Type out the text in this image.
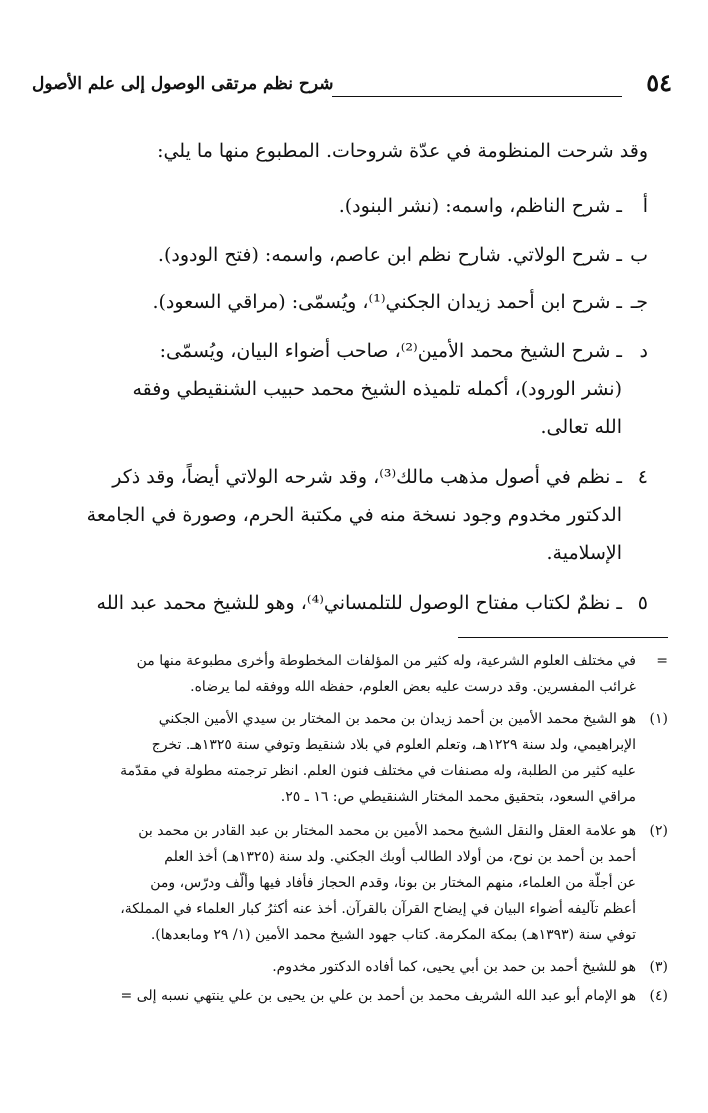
٥٤
شرح نظم مرتقى الوصول إلى علم الأصول
وقد شرحت المنظومة في عدّة شروحات. المطبوع منها ما يلي:
أ
ـ شرح الناظم، واسمه: (نشر البنود).
ب
ـ شرح الولاتي. شارح نظم ابن عاصم، واسمه: (فتح الودود).
جـ
ـ شرح ابن أحمد زيدان الجكني⁽¹⁾، ويُسمّى: (مراقي السعود).
د
ـ شرح الشيخ محمد الأمين⁽²⁾، صاحب أضواء البيان، ويُسمّى:
(نشر الورود)، أكمله تلميذه الشيخ محمد حبيب الشنقيطي وفقه
الله تعالى.
٤
ـ نظم في أصول مذهب مالك⁽³⁾، وقد شرحه الولاتي أيضاً، وقد ذكر
الدكتور مخدوم وجود نسخة منه في مكتبة الحرم، وصورة في الجامعة
الإسلامية.
٥
ـ نظمٌ لكتاب مفتاح الوصول للتلمساني⁽⁴⁾، وهو للشيخ محمد عبد الله
=
في مختلف العلوم الشرعية، وله كثير من المؤلفات المخطوطة وأخرى مطبوعة منها من
غرائب المفسرين. وقد درست عليه بعض العلوم، حفظه الله ووفقه لما يرضاه.
(١)
هو الشيخ محمد الأمين بن أحمد زيدان بن محمد بن المختار بن سيدي الأمين الجكني
الإبراهيمي، ولد سنة ١٢٢٩هـ، وتعلم العلوم في بلاد شنقيط وتوفي سنة ١٣٢٥هـ. تخرج
عليه كثير من الطلبة، وله مصنفات في مختلف فنون العلم. انظر ترجمته مطولة في مقدّمة
مراقي السعود، بتحقيق محمد المختار الشنقيطي ص: ١٦ ـ ٢٥.
(٢)
هو علامة العقل والنقل الشيخ محمد الأمين بن محمد المختار بن عبد القادر بن محمد بن
أحمد بن أحمد بن نوح، من أولاد الطالب أوبك الجكني. ولد سنة (١٣٢٥هـ) أخذ العلم
عن أجلّة من العلماء، منهم المختار بن بونا، وقدم الحجاز فأفاد فيها وألّف ودرّس، ومن
أعظم تآليفه أضواء البيان في إيضاح القرآن بالقرآن. أخذ عنه أكثرُ كبار العلماء في المملكة،
توفي سنة (١٣٩٣هـ) بمكة المكرمة. كتاب جهود الشيخ محمد الأمين (١/ ٢٩ ومابعدها).
(٣)
هو للشيخ أحمد بن حمد بن أبي يحيى، كما أفاده الدكتور مخدوم.
(٤)
هو الإمام أبو عبد الله الشريف محمد بن أحمد بن علي بن يحيى بن علي ينتهي نسبه إلى =
